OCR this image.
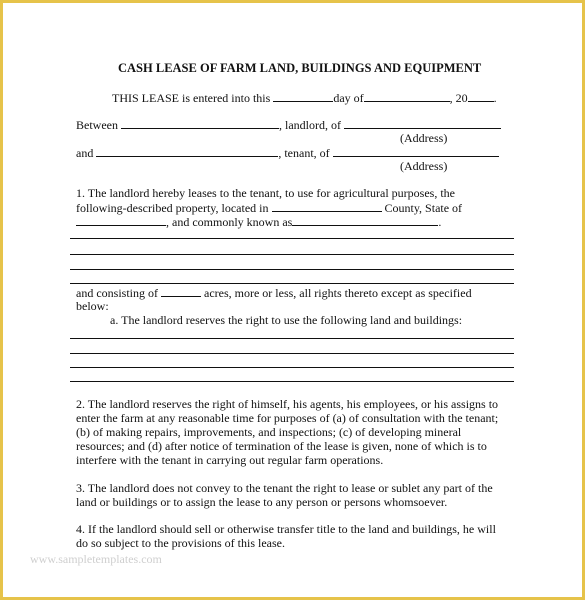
CASH LEASE OF FARM LAND, BUILDINGS AND EQUIPMENT
THIS LEASE is entered into this	day of	, 20 .
Between	, landlord, of
(Address)
and	, tenant, of
(Address)
1. The landlord hereby leases to the tenant, to use for agricultural purposes, the
following-described property, located in	County, State of
, and commonly known as	.
and consisting of	acres, more or less, all rights thereto except as specified
below:
a. The landlord reserves the right to use the following land and buildings:
2. The landlord reserves the right of himself, his agents, his employees, or his assigns to
enter the farm at any reasonable time for purposes of (a) of consultation with the tenant;
(b) of making repairs, improvements, and inspections; (c) of developing mineral
resources; and (d) after notice of termination of the lease is given, none of which is to
interfere with the tenant in carrying out regular farm operations.
3. The landlord does not convey to the tenant the right to lease or sublet any part of the
land or buildings or to assign the lease to any person or persons whomsoever.
4. If the landlord should sell or otherwise transfer title to the land and buildings, he will
do so subject to the provisions of this lease.
www.sampletemplates.com
